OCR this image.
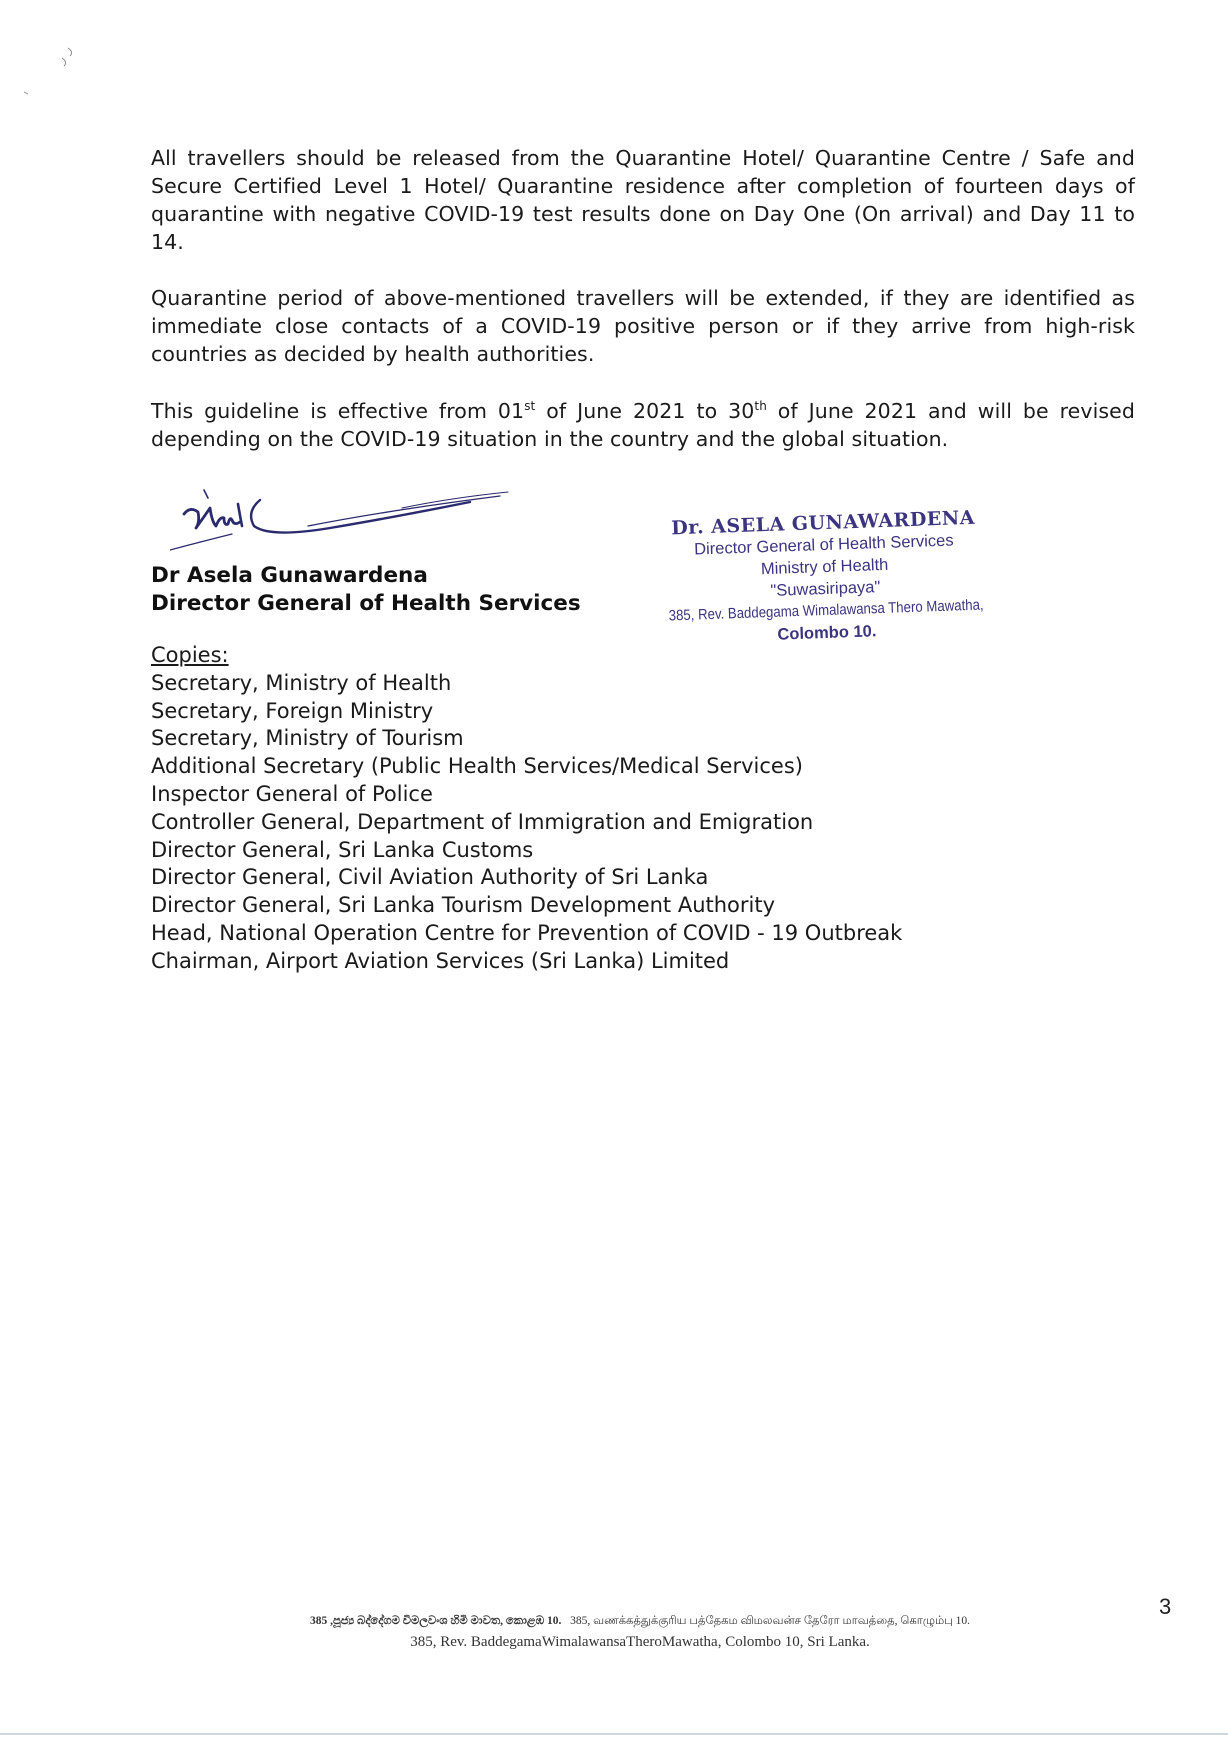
All travellers should be released from the Quarantine Hotel/ Quarantine Centre / Safe and Secure Certified Level 1 Hotel/ Quarantine residence after completion of fourteen days of quarantine with negative COVID-19 test results done on Day One (On arrival) and Day 11 to 14.

Quarantine period of above-mentioned travellers will be extended, if they are identified as immediate close contacts of a COVID-19 positive person or if they arrive from high-risk countries as decided by health authorities.

This guideline is effective from 01st of June 2021 to 30th of June 2021 and will be revised depending on the COVID-19 situation in the country and the global situation.

Dr Asela Gunawardena
Director General of Health Services
Dr. ASELA GUNAWARDENA
Director General of Health Services
Ministry of Health
"Suwasiripaya"
385, Rev. Baddegama Wimalawansa Thero Mawatha,
Colombo 10.
Copies:
Secretary, Ministry of Health
Secretary, Foreign Ministry
Secretary, Ministry of Tourism
Additional Secretary (Public Health Services/Medical Services)
Inspector General of Police
Controller General, Department of Immigration and Emigration
Director General, Sri Lanka Customs
Director General, Civil Aviation Authority of Sri Lanka
Director General, Sri Lanka Tourism Development Authority
Head, National Operation Centre for Prevention of COVID - 19 Outbreak
Chairman, Airport Aviation Services (Sri Lanka) Limited
385 ,පූජ්‍ය බද්දේගම විමලවංශ හිමි මාවත, කොළඹ 10. 385, வணக்கத்துக்குரிய பத்தேகம விமலவன்ச தேரோ மாவத்தை, கொழும்பு 10.
385, Rev. BaddegamaWimalawansaTheroMawatha, Colombo 10, Sri Lanka.
3
